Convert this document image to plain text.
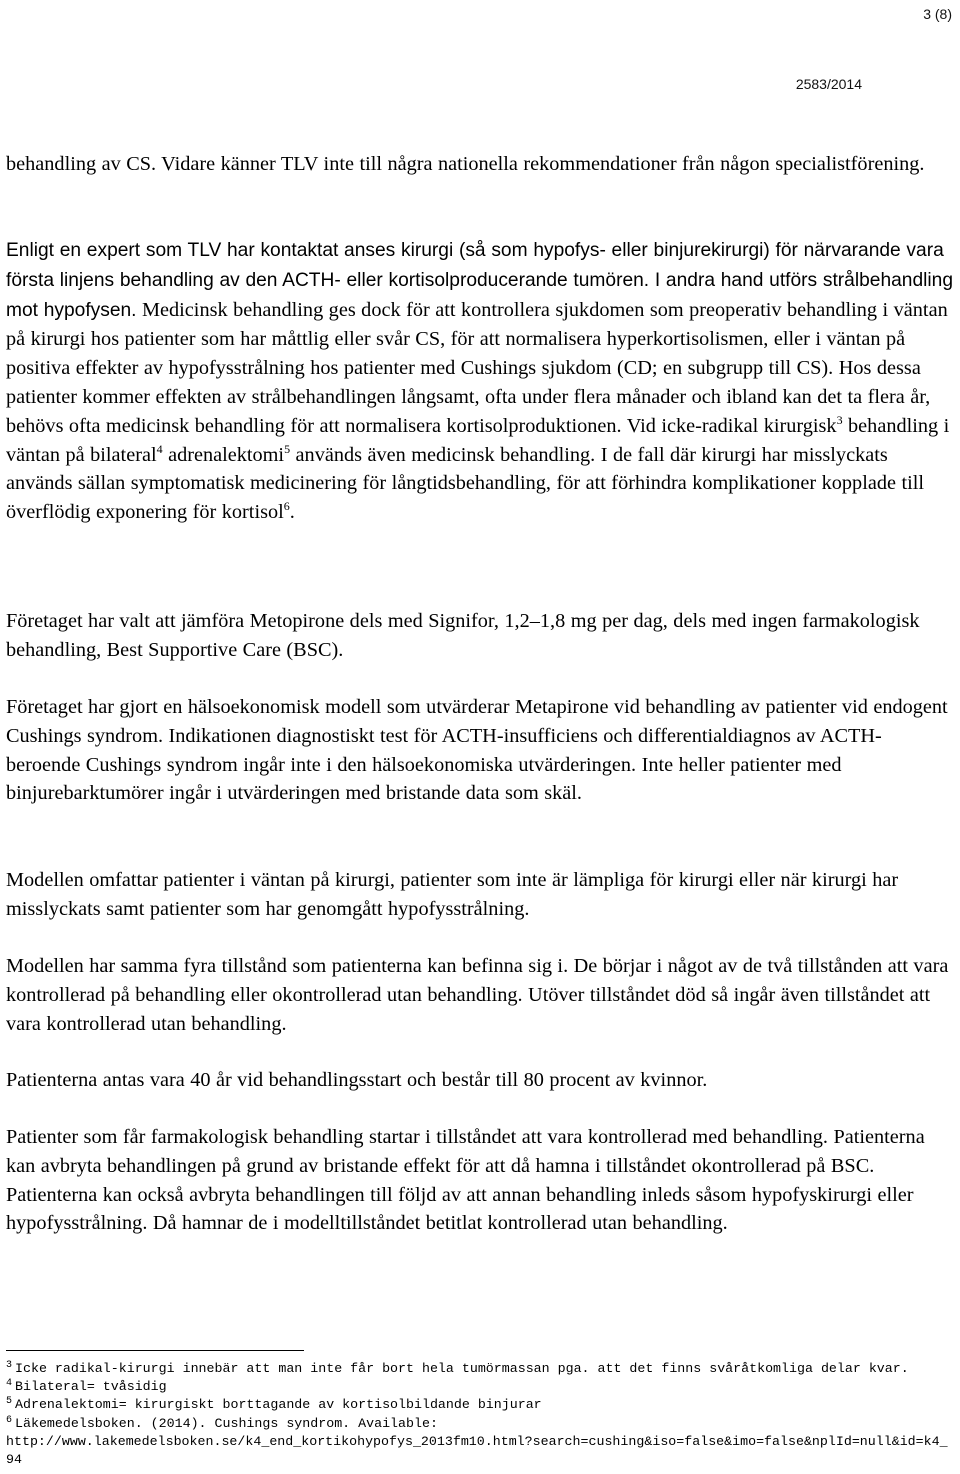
3 (8)
2583/2014

behandling av CS. Vidare känner TLV inte till några nationella rekommendationer från någon specialistförening.

Enligt en expert som TLV har kontaktat anses kirurgi (så som hypofys- eller binjurekirurgi) för närvarande vara första linjens behandling av den ACTH- eller kortisolproducerande tumören. I andra hand utförs strålbehandling mot hypofysen. Medicinsk behandling ges dock för att kontrollera sjukdomen som preoperativ behandling i väntan på kirurgi hos patienter som har måttlig eller svår CS, för att normalisera hyperkortisolismen, eller i väntan på positiva effekter av hypofysstrålning hos patienter med Cushings sjukdom (CD; en subgrupp till CS). Hos dessa patienter kommer effekten av strålbehandlingen långsamt, ofta under flera månader och ibland kan det ta flera år, behövs ofta medicinsk behandling för att normalisera kortisolproduktionen. Vid icke-radikal kirurgisk$^3$ behandling i väntan på bilateral$^4$ adrenalektomi$^5$ används även medicinsk behandling. I de fall där kirurgi har misslyckats används sällan symptomatisk medicinering för långtidsbehandling, för att förhindra komplikationer kopplade till överflödig exponering för kortisol$^6$.

Företaget har valt att jämföra Metopirone dels med Signifor, 1,2–1,8 mg per dag, dels med ingen farmakologisk behandling, Best Supportive Care (BSC).

Företaget har gjort en hälsoekonomisk modell som utvärderar Metapirone vid behandling av patienter vid endogent Cushings syndrom. Indikationen diagnostiskt test för ACTH-insufficiens och differentialdiagnos av ACTH-beroende Cushings syndrom ingår inte i den hälsoekonomiska utvärderingen. Inte heller patienter med binjurebarktumörer ingår i utvärderingen med bristande data som skäl.

Modellen omfattar patienter i väntan på kirurgi, patienter som inte är lämpliga för kirurgi eller när kirurgi har misslyckats samt patienter som har genomgått hypofysstrålning.

Modellen har samma fyra tillstånd som patienterna kan befinna sig i. De börjar i något av de två tillstånden att vara kontrollerad på behandling eller okontrollerad utan behandling. Utöver tillståndet död så ingår även tillståndet att vara kontrollerad utan behandling.

Patienterna antas vara 40 år vid behandlingsstart och består till 80 procent av kvinnor.

Patienter som får farmakologisk behandling startar i tillståndet att vara kontrollerad med behandling. Patienterna kan avbryta behandlingen på grund av bristande effekt för att då hamna i tillståndet okontrollerad på BSC. Patienterna kan också avbryta behandlingen till följd av att annan behandling inleds såsom hypofyskirurgi eller hypofysstrålning. Då hamnar de i modelltillståndet betitlat kontrollerad utan behandling.

$^3$ Icke radikal-kirurgi innebär att man inte får bort hela tumörmassan pga. att det finns svåråtkomliga delar kvar.
$^4$ Bilateral= tvåsidig
$^5$ Adrenalektomi= kirurgiskt borttagande av kortisolbildande binjurar
$^6$ Läkemedelsboken. (2014). Cushings syndrom. Available:
http://www.lakemedelsboken.se/k4_end_kortikohypofys_2013fm10.html?search=cushing&iso=false&imo=false&nplId=null&id=k4_94
